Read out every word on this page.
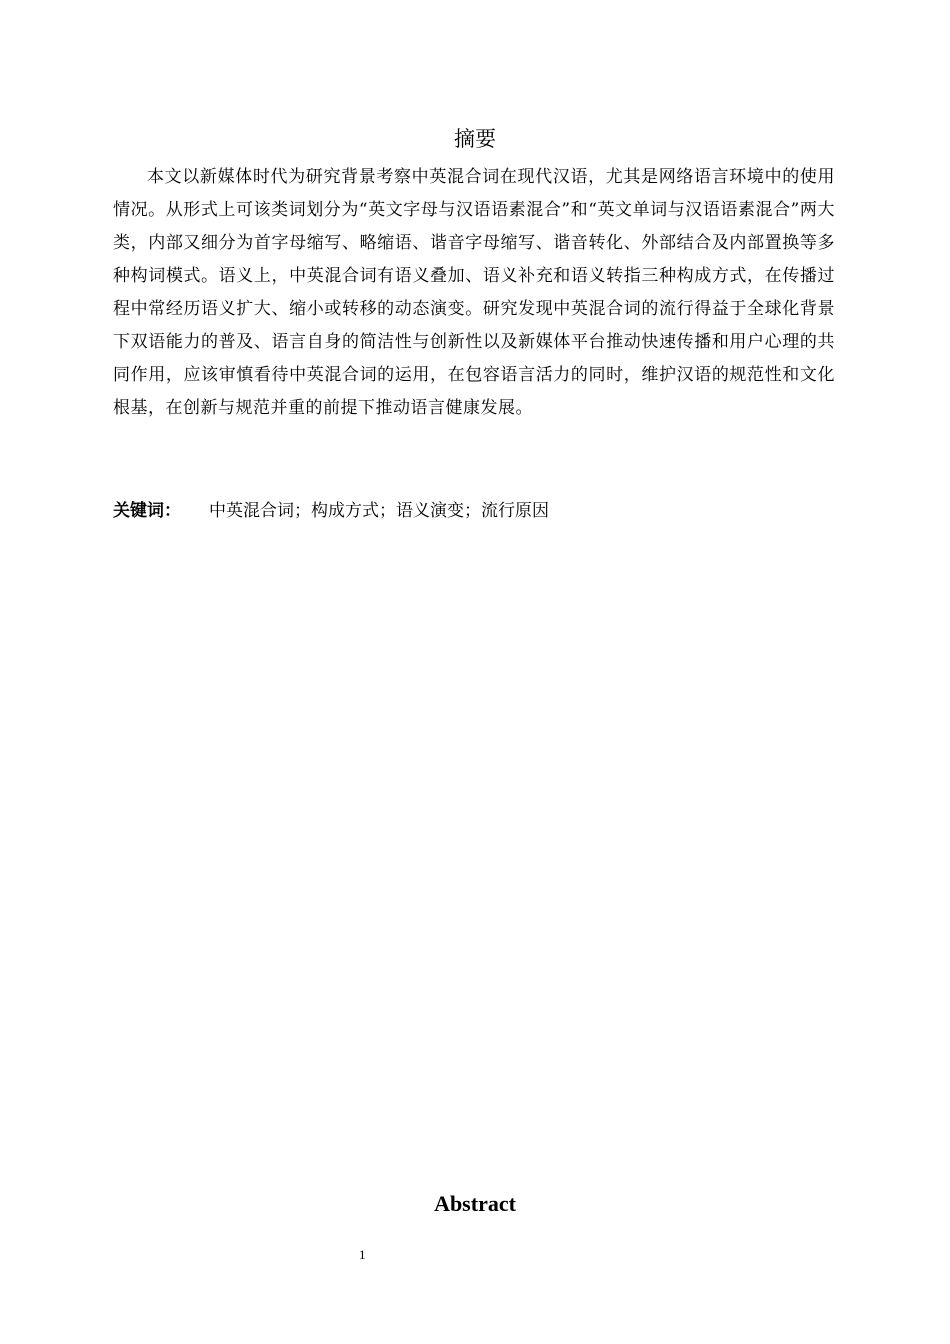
摘要

本文以新媒体时代为研究背景考察中英混合词在现代汉语，尤其是网络语言环境中的使用情况。从形式上可该类词划分为“英文字母与汉语语素混合”和“英文单词与汉语语素混合”两大类，内部又细分为首字母缩写、略缩语、谐音字母缩写、谐音转化、外部结合及内部置换等多种构词模式。语义上，中英混合词有语义叠加、语义补充和语义转指三种构成方式，在传播过程中常经历语义扩大、缩小或转移的动态演变。研究发现中英混合词的流行得益于全球化背景下双语能力的普及、语言自身的简洁性与创新性以及新媒体平台推动快速传播和用户心理的共同作用，应该审慎看待中英混合词的运用，在包容语言活力的同时，维护汉语的规范性和文化根基，在创新与规范并重的前提下推动语言健康发展。

关键词： 中英混合词；构成方式；语义演变；流行原因
Abstract
1
